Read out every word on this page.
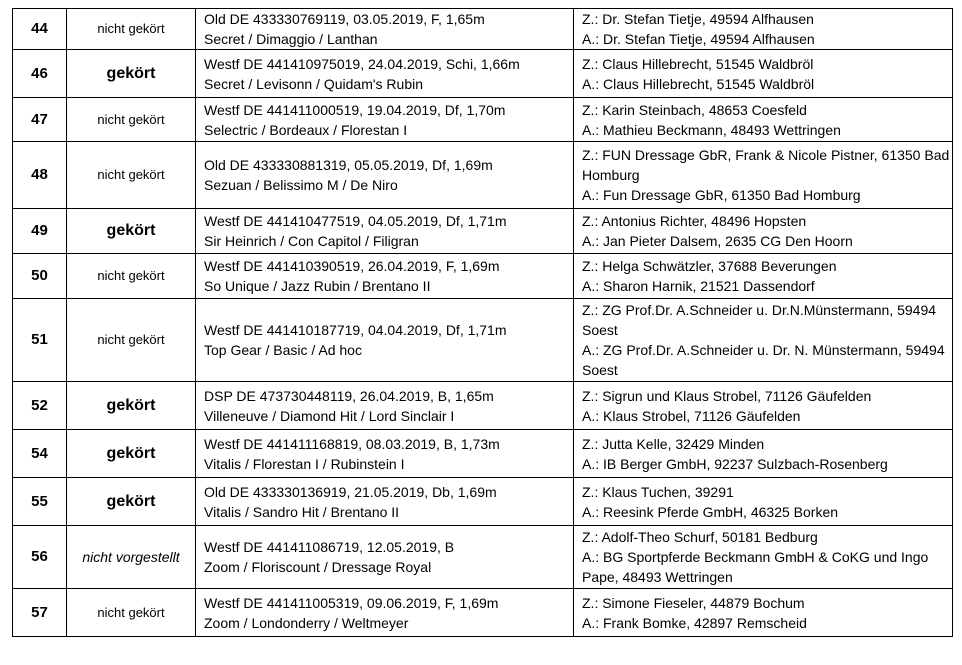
44	nicht gekört	Old DE 433330769119, 03.05.2019, F, 1,65m
Secret / Dimaggio / Lanthan	Z.: Dr. Stefan Tietje, 49594 Alfhausen
A.: Dr. Stefan Tietje, 49594 Alfhausen

46	gekört	Westf DE 441410975019, 24.04.2019, Schi, 1,66m
Secret / Levisonn / Quidam's Rubin	Z.: Claus Hillebrecht, 51545 Waldbröl
A.: Claus Hillebrecht, 51545 Waldbröl

47	nicht gekört	Westf DE 441411000519, 19.04.2019, Df, 1,70m
Selectric / Bordeaux / Florestan I	Z.: Karin Steinbach, 48653 Coesfeld
A.: Mathieu Beckmann, 48493 Wettringen

48	nicht gekört	Old DE 433330881319, 05.05.2019, Df, 1,69m
Sezuan / Belissimo M / De Niro	Z.: FUN Dressage GbR, Frank & Nicole Pistner, 61350 Bad Homburg
A.: Fun Dressage GbR, 61350 Bad Homburg

49	gekört	Westf DE 441410477519, 04.05.2019, Df, 1,71m
Sir Heinrich / Con Capitol / Filigran	Z.: Antonius Richter, 48496 Hopsten
A.: Jan Pieter Dalsem, 2635 CG Den Hoorn

50	nicht gekört	Westf DE 441410390519, 26.04.2019, F, 1,69m
So Unique / Jazz Rubin / Brentano II	Z.: Helga Schwätzler, 37688 Beverungen
A.: Sharon Harnik, 21521 Dassendorf

51	nicht gekört	Westf DE 441410187719, 04.04.2019, Df, 1,71m
Top Gear / Basic / Ad hoc	Z.: ZG Prof.Dr. A.Schneider u. Dr.N.Münstermann, 59494 Soest
A.: ZG Prof.Dr. A.Schneider u. Dr. N. Münstermann, 59494 Soest

52	gekört	DSP DE 473730448119, 26.04.2019, B, 1,65m
Villeneuve / Diamond Hit / Lord Sinclair I	Z.: Sigrun und Klaus Strobel, 71126 Gäufelden
A.: Klaus Strobel, 71126 Gäufelden

54	gekört	Westf DE 441411168819, 08.03.2019, B, 1,73m
Vitalis / Florestan I / Rubinstein I	Z.: Jutta Kelle, 32429 Minden
A.: IB Berger GmbH, 92237 Sulzbach-Rosenberg

55	gekört	Old DE 433330136919, 21.05.2019, Db, 1,69m
Vitalis / Sandro Hit / Brentano II	Z.: Klaus Tuchen, 39291
A.: Reesink Pferde GmbH, 46325 Borken

56	nicht vorgestellt	Westf DE 441411086719, 12.05.2019, B
Zoom / Floriscount / Dressage Royal	Z.: Adolf-Theo Schurf, 50181 Bedburg
A.: BG Sportpferde Beckmann GmbH & CoKG und Ingo Pape, 48493 Wettringen

57	nicht gekört	Westf DE 441411005319, 09.06.2019, F, 1,69m
Zoom / Londonderry / Weltmeyer	Z.: Simone Fieseler, 44879 Bochum
A.: Frank Bomke, 42897 Remscheid
